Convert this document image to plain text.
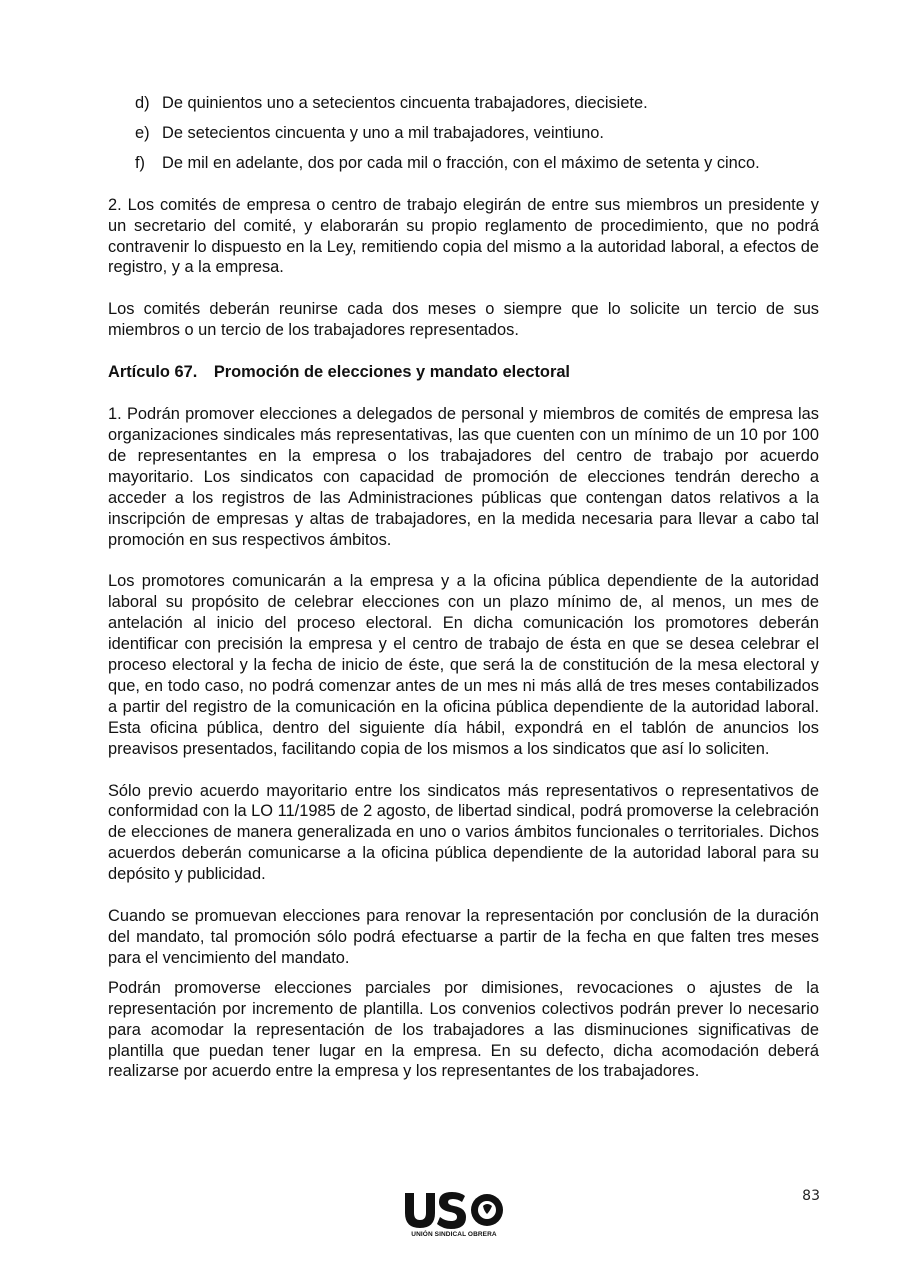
d) De quinientos uno a setecientos cincuenta trabajadores, diecisiete.
e) De setecientos cincuenta y uno a mil trabajadores, veintiuno.
f) De mil en adelante, dos por cada mil o fracción, con el máximo de setenta y cinco.

2. Los comités de empresa o centro de trabajo elegirán de entre sus miembros un presidente y un secretario del comité, y elaborarán su propio reglamento de procedimiento, que no podrá contravenir lo dispuesto en la Ley, remitiendo copia del mismo a la autoridad laboral, a efectos de registro, y a la empresa.

Los comités deberán reunirse cada dos meses o siempre que lo solicite un tercio de sus miembros o un tercio de los trabajadores representados.

Artículo 67. Promoción de elecciones y mandato electoral

1. Podrán promover elecciones a delegados de personal y miembros de comités de empresa las organizaciones sindicales más representativas, las que cuenten con un mínimo de un 10 por 100 de representantes en la empresa o los trabajadores del centro de trabajo por acuerdo mayoritario. Los sindicatos con capacidad de promoción de elecciones tendrán derecho a acceder a los registros de las Administraciones públicas que contengan datos relativos a la inscripción de empresas y altas de trabajadores, en la medida necesaria para llevar a cabo tal promoción en sus respectivos ámbitos.

Los promotores comunicarán a la empresa y a la oficina pública dependiente de la autoridad laboral su propósito de celebrar elecciones con un plazo mínimo de, al menos, un mes de antelación al inicio del proceso electoral. En dicha comunicación los promotores deberán identificar con precisión la empresa y el centro de trabajo de ésta en que se desea celebrar el proceso electoral y la fecha de inicio de éste, que será la de constitución de la mesa electoral y que, en todo caso, no podrá comenzar antes de un mes ni más allá de tres meses contabilizados a partir del registro de la comunicación en la oficina pública dependiente de la autoridad laboral. Esta oficina pública, dentro del siguiente día hábil, expondrá en el tablón de anuncios los preavisos presentados, facilitando copia de los mismos a los sindicatos que así lo soliciten.

Sólo previo acuerdo mayoritario entre los sindicatos más representativos o representativos de conformidad con la LO 11/1985 de 2 agosto, de libertad sindical, podrá promoverse la celebración de elecciones de manera generalizada en uno o varios ámbitos funcionales o territoriales. Dichos acuerdos deberán comunicarse a la oficina pública dependiente de la autoridad laboral para su depósito y publicidad.

Cuando se promuevan elecciones para renovar la representación por conclusión de la duración del mandato, tal promoción sólo podrá efectuarse a partir de la fecha en que falten tres meses para el vencimiento del mandato.

Podrán promoverse elecciones parciales por dimisiones, revocaciones o ajustes de la representación por incremento de plantilla. Los convenios colectivos podrán prever lo necesario para acomodar la representación de los trabajadores a las disminuciones significativas de plantilla que puedan tener lugar en la empresa. En su defecto, dicha acomodación deberá realizarse por acuerdo entre la empresa y los representantes de los trabajadores.

83
UNIÓN SINDICAL OBRERA
